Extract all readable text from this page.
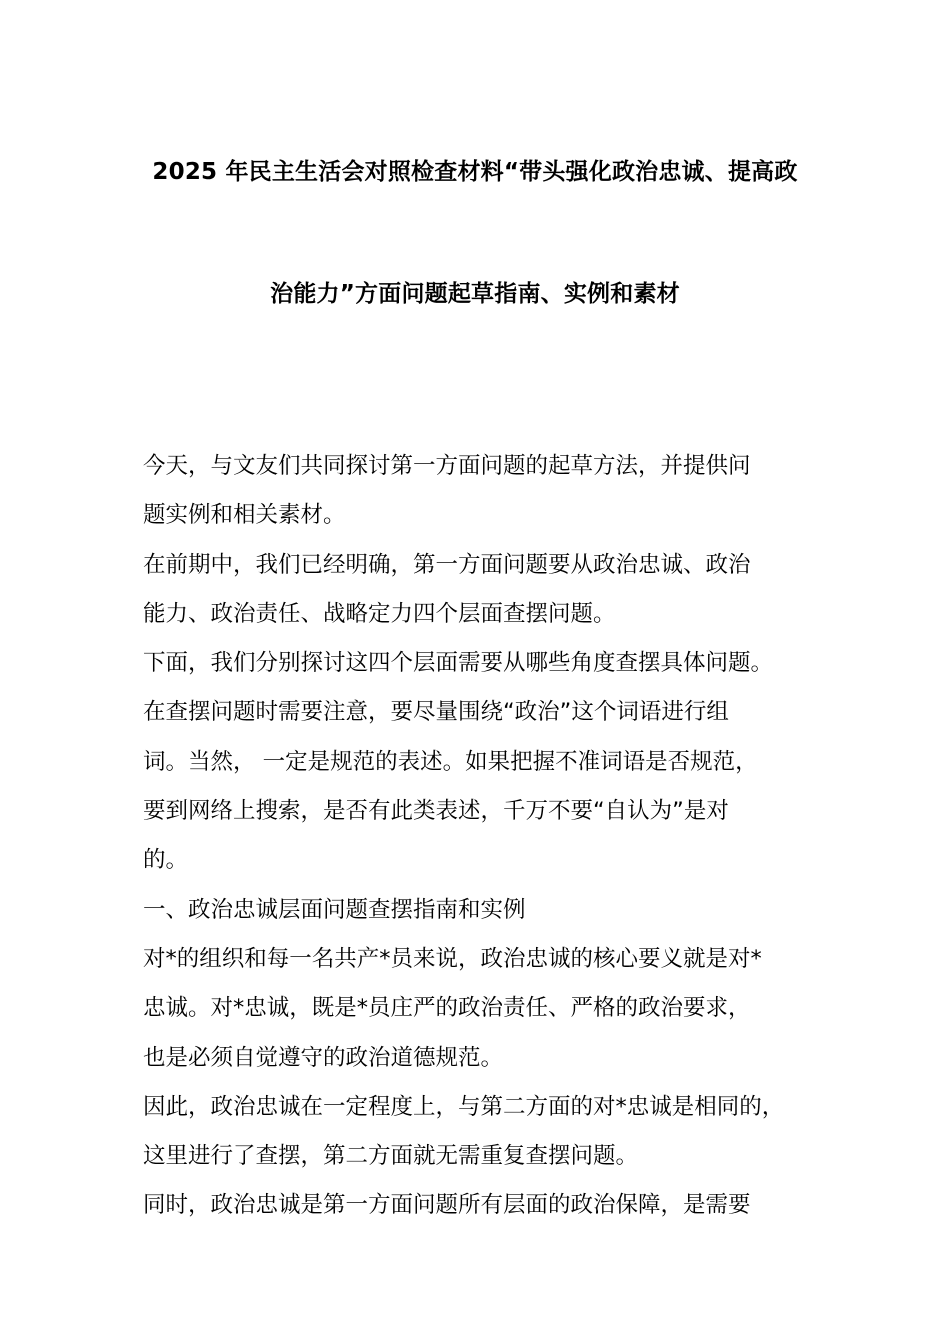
2025 年民主生活会对照检查材料“带头强化政治忠诚、提高政
治能力”方面问题起草指南、实例和素材
今天，与文友们共同探讨第一方面问题的起草方法，并提供问
题实例和相关素材。
在前期中，我们已经明确，第一方面问题要从政治忠诚、政治
能力、政治责任、战略定力四个层面查摆问题。
下面，我们分别探讨这四个层面需要从哪些角度查摆具体问题。
在查摆问题时需要注意，要尽量围绕“政治”这个词语进行组
词。当然， 一定是规范的表述。如果把握不准词语是否规范，
要到网络上搜索，是否有此类表述，千万不要“自认为”是对
的。
一、政治忠诚层面问题查摆指南和实例
对*的组织和每一名共产*员来说，政治忠诚的核心要义就是对*
忠诚。对*忠诚，既是*员庄严的政治责任、严格的政治要求，
也是必须自觉遵守的政治道德规范。
因此，政治忠诚在一定程度上，与第二方面的对*忠诚是相同的，
这里进行了查摆，第二方面就无需重复查摆问题。
同时，政治忠诚是第一方面问题所有层面的政治保障，是需要
